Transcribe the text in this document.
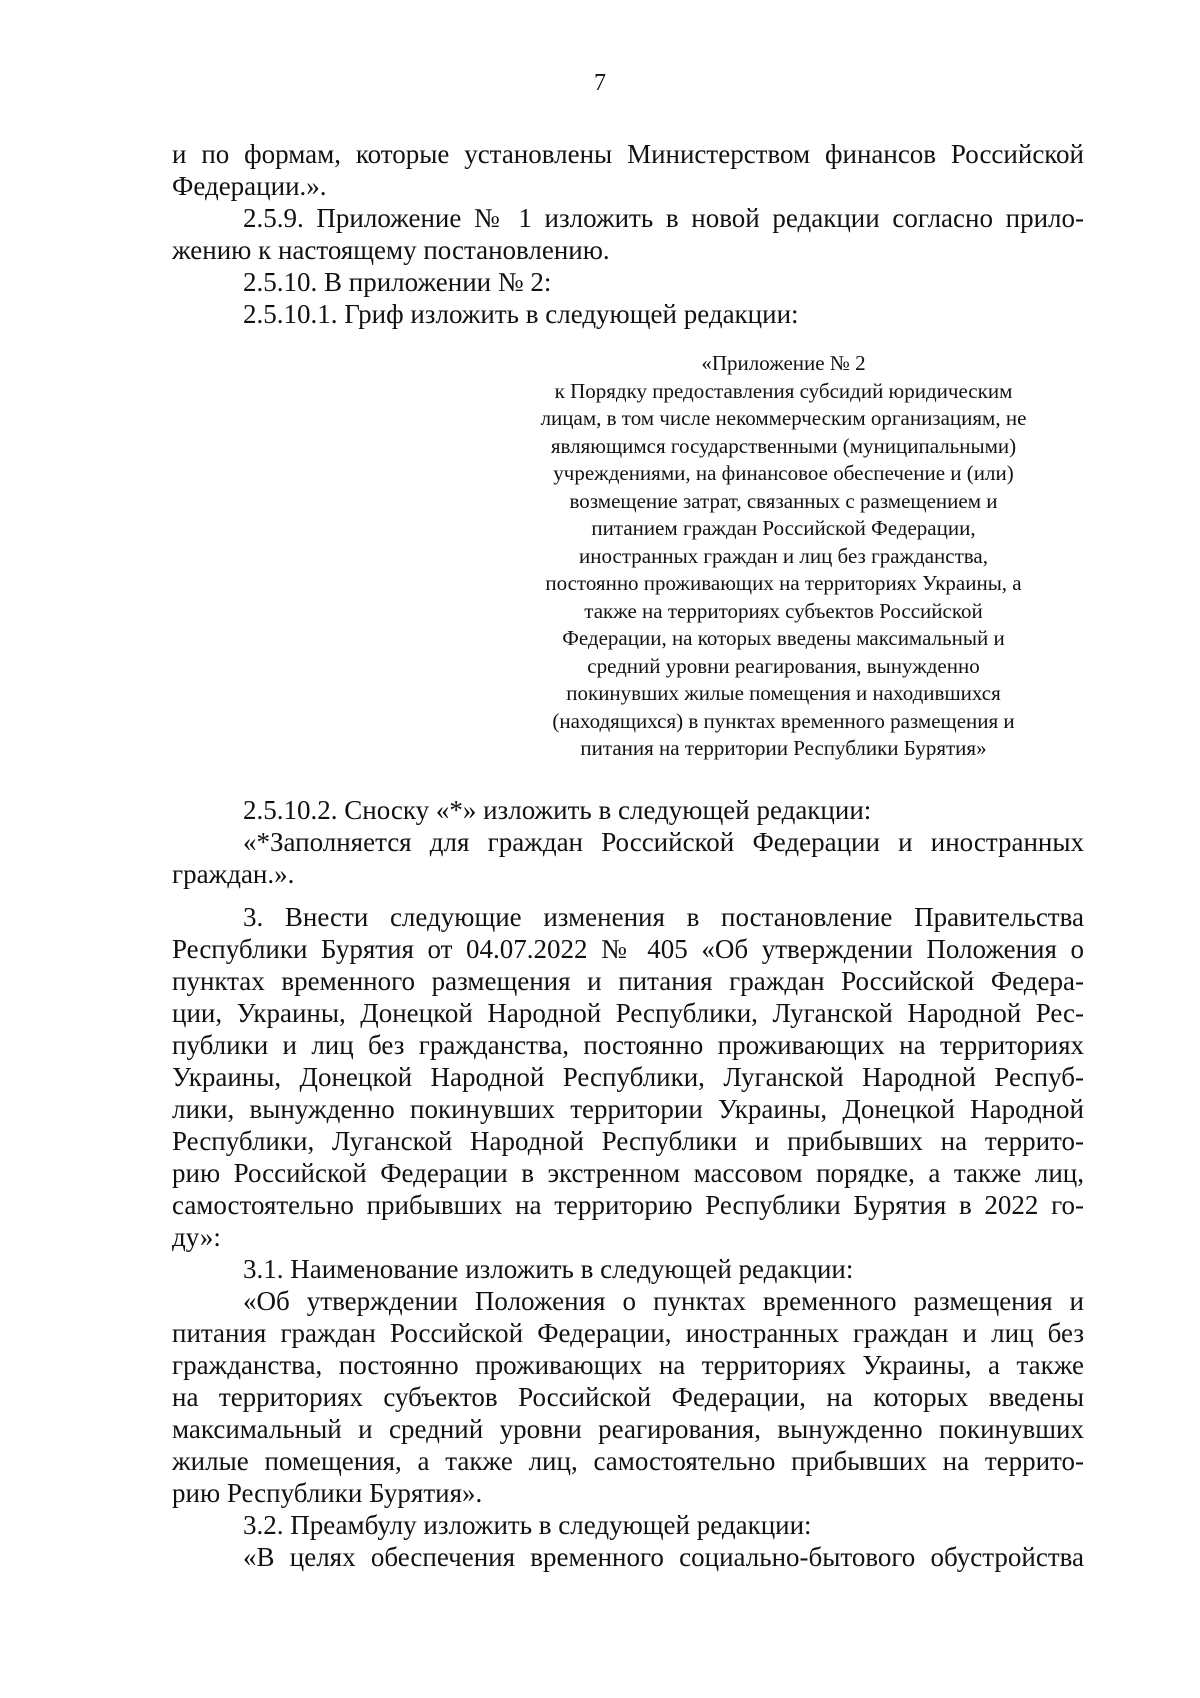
7
и по формам, которые установлены Министерством финансов Российской
Федерации.».
2.5.9. Приложение № 1 изложить в новой редакции согласно прило-
жению к настоящему постановлению.
2.5.10. В приложении № 2:
2.5.10.1. Гриф изложить в следующей редакции:
«Приложение № 2
к Порядку предоставления субсидий юридическим
лицам, в том числе некоммерческим организациям, не
являющимся государственными (муниципальными)
учреждениями, на финансовое обеспечение и (или)
возмещение затрат, связанных с размещением и
питанием граждан Российской Федерации,
иностранных граждан и лиц без гражданства,
постоянно проживающих на территориях Украины, а
также на территориях субъектов Российской
Федерации, на которых введены максимальный и
средний уровни реагирования, вынужденно
покинувших жилые помещения и находившихся
(находящихся) в пунктах временного размещения и
питания на территории Республики Бурятия»
2.5.10.2. Сноску «*» изложить в следующей редакции:
«*Заполняется для граждан Российской Федерации и иностранных
граждан.».
3. Внести следующие изменения в постановление Правительства
Республики Бурятия от 04.07.2022 № 405 «Об утверждении Положения о
пунктах временного размещения и питания граждан Российской Федера-
ции, Украины, Донецкой Народной Республики, Луганской Народной Рес-
публики и лиц без гражданства, постоянно проживающих на территориях
Украины, Донецкой Народной Республики, Луганской Народной Респуб-
лики, вынужденно покинувших территории Украины, Донецкой Народной
Республики, Луганской Народной Республики и прибывших на террито-
рию Российской Федерации в экстренном массовом порядке, а также лиц,
самостоятельно прибывших на территорию Республики Бурятия в 2022 го-
ду»:
3.1. Наименование изложить в следующей редакции:
«Об утверждении Положения о пунктах временного размещения и
питания граждан Российской Федерации, иностранных граждан и лиц без
гражданства, постоянно проживающих на территориях Украины, а также
на территориях субъектов Российской Федерации, на которых введены
максимальный и средний уровни реагирования, вынужденно покинувших
жилые помещения, а также лиц, самостоятельно прибывших на террито-
рию Республики Бурятия».
3.2. Преамбулу изложить в следующей редакции:
«В целях обеспечения временного социально-бытового обустройства
